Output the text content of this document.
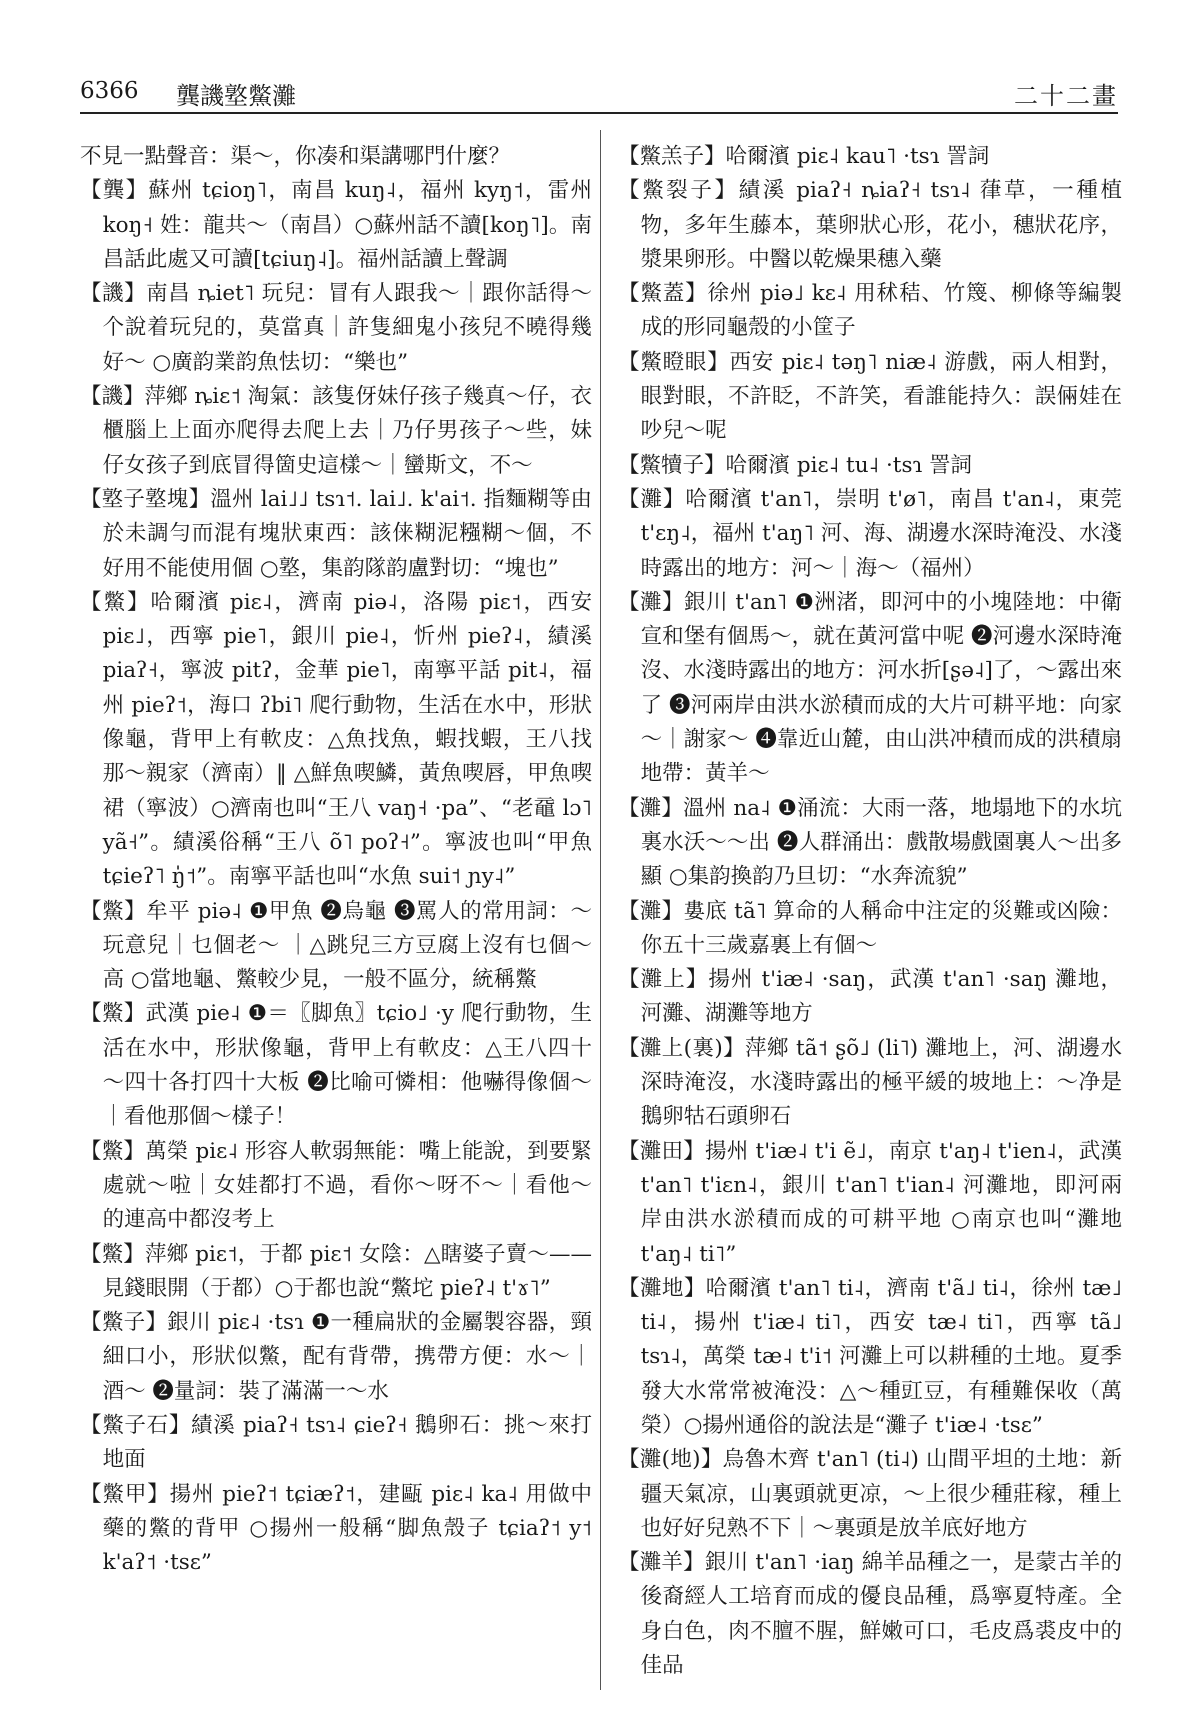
6366 龔譏墪鱉灘	二十二畫

不見一點聲音：渠～，你凑和渠講哪門什麼？

【龔】蘇州 tɕioŋ˥，南昌 kuŋ˨，福州 kyŋ˦，雷州 koŋ˧ 姓：龍共～（南昌）○蘇州話不讀[koŋ˥]。南昌話此處又可讀[tɕiuŋ˨]。福州話讀上聲調

【譏】南昌 ȵiet˥ 玩兒：冒有人跟我～｜跟你話得～个說着玩兒的，莫當真｜許隻細鬼小孩兒不曉得幾好～ ○廣韵業韵魚怯切：“樂也”

【譏】萍鄉 ȵiɛ˦ 淘氣：該隻伢妹仔孩子幾真～仔，衣櫃腦上上面亦爬得去爬上去｜乃仔男孩子～些，妹仔女孩子到底冒得箇史這樣～｜蠻斯文，不～

【墪子墪塊】溫州 lai˩˩ tsɿ˦. lai˩. k'ai˦. 指麵糊等由於未調勻而混有塊狀東西：該俫糊泥糨糊～個，不好用不能使用個 ○墪，集韵隊韵盧對切：“塊也”

【鱉】哈爾濱 piɛ˨，濟南 piə˨，洛陽 piɛ˦，西安 piɛ˩，西寧 pie˥，銀川 pie˨，忻州 pieʔ˨，績溪 piaʔ˧，寧波 pitʔ，金華 pie˥，南寧平話 pit˨，福州 pieʔ˦，海口 ʔbi˥ 爬行動物，生活在水中，形狀像龜，背甲上有軟皮：△魚找魚，蝦找蝦，王八找那～親家（濟南）‖ △鮮魚喫鱗，黃魚喫唇，甲魚喫裙（寧波）○濟南也叫“王八 vaŋ˧ ·pa”、“老黿 lɔ˥ yã˧”。績溪俗稱“王八 õ˥ poʔ˧”。寧波也叫“甲魚 tɕieʔ˥ ŋ̍˦”。南寧平話也叫“水魚 sui˦ ɲy˨”

【鱉】牟平 piə˨ ❶甲魚 ❷烏龜 ❸罵人的常用詞：～玩意兒｜乜個老～ ｜△跳兒三方豆腐上沒有乜個～高 ○當地龜、鱉較少見，一般不區分，統稱鱉

【鱉】武漢 pie˨ ❶＝〖脚魚〗tɕio˩ ·y 爬行動物，生活在水中，形狀像龜，背甲上有軟皮：△王八四十～四十各打四十大板 ❷比喻可憐相：他嚇得像個～｜看他那個～樣子！

【鱉】萬榮 piɛ˨ 形容人軟弱無能：嘴上能說，到要緊處就～啦｜女娃都打不過，看你～呀不～｜看他～的連高中都沒考上

【鱉】萍鄉 piɛ˦，于都 piɛ˦ 女陰：△瞎婆子賣～——見錢眼開（于都）○于都也說“鱉坨 pieʔ˨ t'ɤ˥”

【鱉子】銀川 piɛ˨ ·tsɿ ❶一種扁狀的金屬製容器，頸細口小，形狀似鱉，配有背帶，携帶方便：水～｜酒～ ❷量詞：裝了滿滿一～水

【鱉子石】績溪 piaʔ˧ tsɿ˨ ɕieʔ˧ 鵝卵石：挑～來打地面

【鱉甲】揚州 pieʔ˦ tɕiæʔ˦，建甌 piɛ˨ ka˨ 用做中藥的鱉的背甲 ○揚州一般稱“脚魚殼子 tɕiaʔ˦ y˦ k'aʔ˦ ·tsɛ”

【鱉羔子】哈爾濱 piɛ˨ kau˥ ·tsɿ 詈詞

【鱉裂子】績溪 piaʔ˧ ȵiaʔ˧ tsɿ˨ 葎草，一種植物，多年生藤本，葉卵狀心形，花小，穗狀花序，漿果卵形。中醫以乾燥果穗入藥

【鱉蓋】徐州 piə˩ kɛ˨ 用秫秸、竹篾、柳條等編製成的形同龜殼的小筐子

【鱉瞪眼】西安 piɛ˨ təŋ˥ niæ˨ 游戲，兩人相對，眼對眼，不許眨，不許笑，看誰能持久：誤倆娃在吵兒～呢

【鱉犢子】哈爾濱 piɛ˨ tu˨ ·tsɿ 詈詞

【灘】哈爾濱 t'an˥，崇明 t'ø˥，南昌 t'an˨，東莞 t'ɛŋ˨，福州 t'aŋ˥ 河、海、湖邊水深時淹没、水淺時露出的地方：河～｜海～（福州）

【灘】銀川 t'an˥ ❶洲渚，即河中的小塊陸地：中衛宣和堡有個馬～，就在黃河當中呢 ❷河邊水深時淹沒、水淺時露出的地方：河水折[ʂə˨]了，～露出來了 ❸河兩岸由洪水淤積而成的大片可耕平地：向家～｜謝家～ ❹靠近山麓，由山洪冲積而成的洪積扇地帶：黃羊～

【灘】溫州 na˨ ❶涌流：大雨一落，地塌地下的水坑裏水沃～～出 ❷人群涌出：戲散場戲園裏人～出多顯 ○集韵換韵乃旦切：“水奔流貌”

【灘】婁底 tã˥ 算命的人稱命中注定的災難或凶險：你五十三歲嘉裏上有個～

【灘上】揚州 t'iæ˨ ·saŋ，武漢 t'an˥ ·saŋ 灘地，河灘、湖灘等地方

【灘上(裏)】萍鄉 tã˦ ʂõ˩ (li˥) 灘地上，河、湖邊水深時淹沒，水淺時露出的極平緩的坡地上：～净是鵝卵牯石頭卵石

【灘田】揚州 t'iæ˨ t'i ẽ˩，南京 t'aŋ˨ t'ien˨，武漢 t'an˥ t'iɛn˨，銀川 t'an˥ t'ian˨ 河灘地，即河兩岸由洪水淤積而成的可耕平地 ○南京也叫“灘地 t'aŋ˨ ti˥”

【灘地】哈爾濱 t'an˥ ti˨，濟南 t'ã˩ ti˨，徐州 tæ˩ ti˨，揚州 t'iæ˨ ti˥，西安 tæ˨ ti˥，西寧 tã˩ tsɿ˨，萬榮 tæ˨ t'i˦ 河灘上可以耕種的土地。夏季發大水常常被淹没：△～種豇豆，有種難保收（萬榮）○揚州通俗的說法是“灘子 t'iæ˨ ·tsɛ”

【灘(地)】烏魯木齊 t'an˥ (ti˨) 山間平坦的土地：新疆天氣凉，山裏頭就更凉，～上很少種莊稼，種上也好好兒熟不下｜～裏頭是放羊底好地方

【灘羊】銀川 t'an˥ ·iaŋ 綿羊品種之一，是蒙古羊的後裔經人工培育而成的優良品種，爲寧夏特產。全身白色，肉不膻不腥，鮮嫩可口，毛皮爲裘皮中的佳品
